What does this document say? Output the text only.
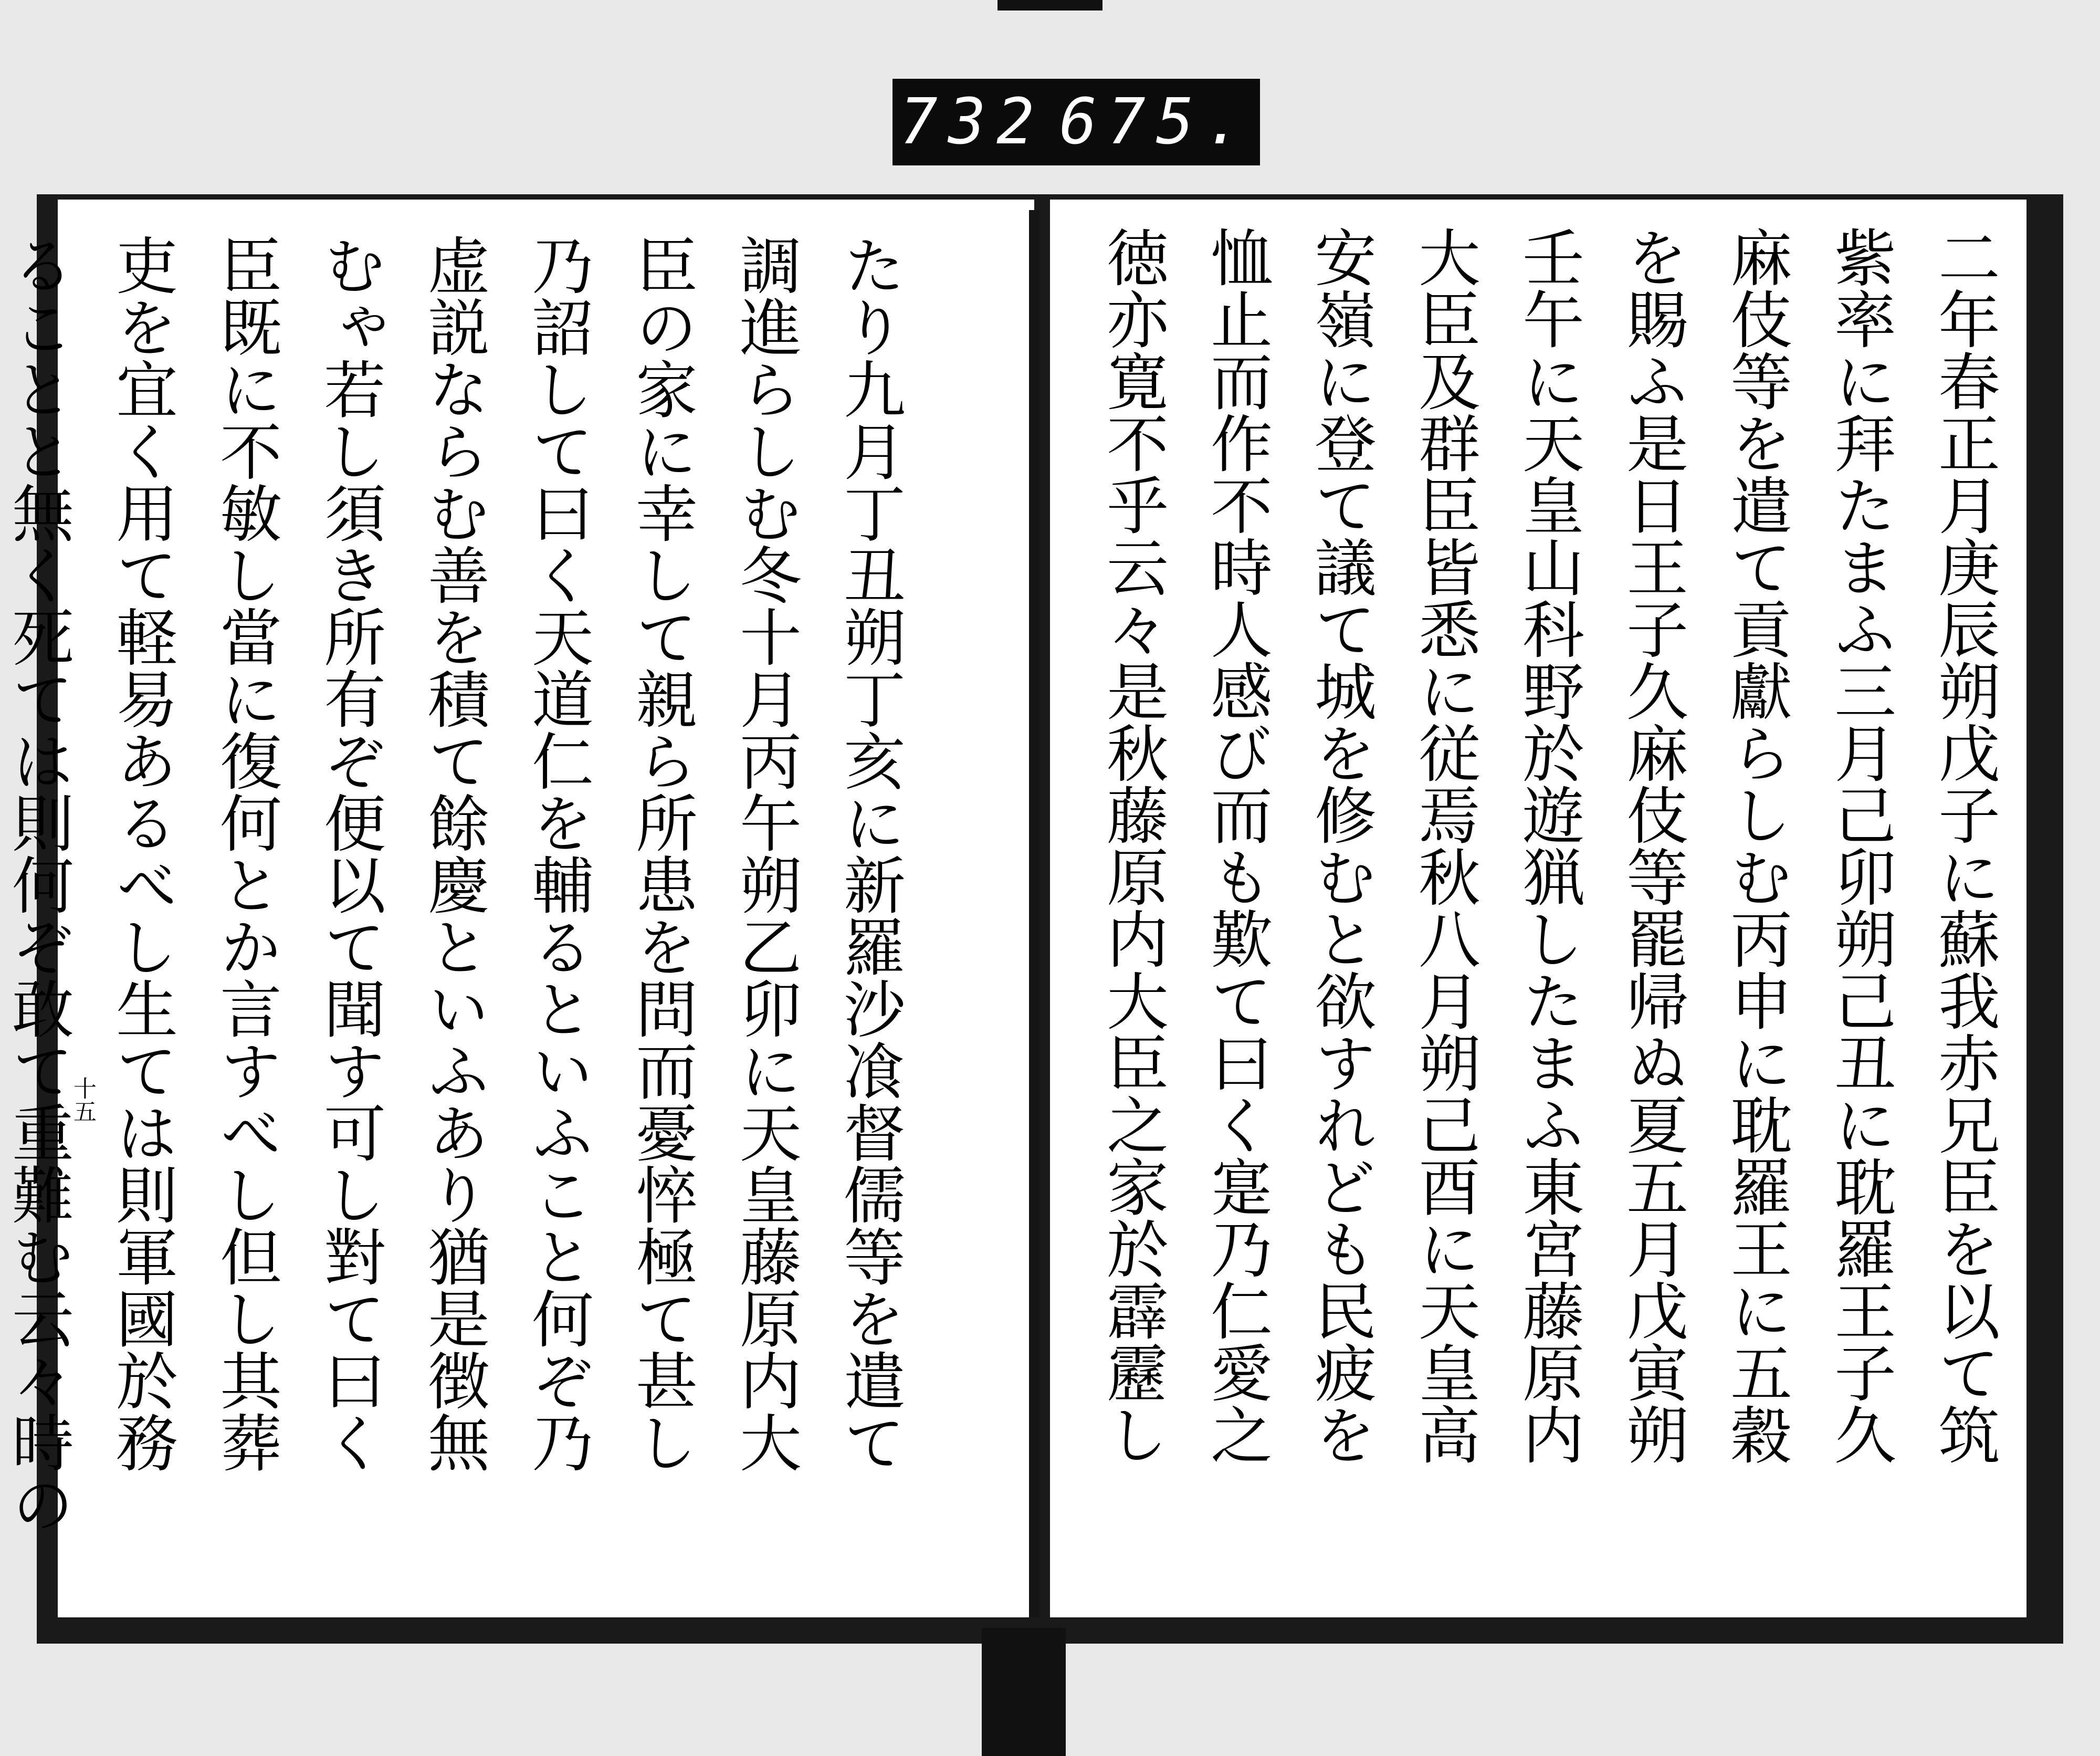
732 675.
たり九月丁丑朔丁亥に新羅沙飡督儒等を遣て
調進らしむ冬十月丙午朔乙卯に天皇藤原内大
臣の家に幸して親ら所患を問而憂悴極て甚し
乃詔して曰く天道仁を輔るといふこと何ぞ乃
虚説ならむ善を積て餘慶といふあり猶是徴無
むゃ若し須き所有ぞ便以て聞す可し對て曰く
臣既に不敏し當に復何とか言すべし但し其葬
吏を宜く用て軽易あるべし生ては則軍國於務
ることと無く死ては則何ぞ敢て重難む云々時の
十五	二年春正月庚辰朔戊子に蘇我赤兄臣を以て筑
紫率に拜たまふ三月己卯朔己丑に耽羅王子久
麻伎等を遣て貢獻らしむ丙申に耽羅王に五穀
を賜ふ是日王子久麻伎等罷帰ぬ夏五月戊寅朔
壬午に天皇山科野於遊猟したまふ東宮藤原内
大臣及群臣皆悉に従焉秋八月朔己酉に天皇高
安嶺に登て議て城を修むと欲すれども民疲を
恤止而作不時人感び而も歎て曰く寔乃仁愛之
徳亦寛不乎云々是秋藤原内大臣之家於霹靂し
